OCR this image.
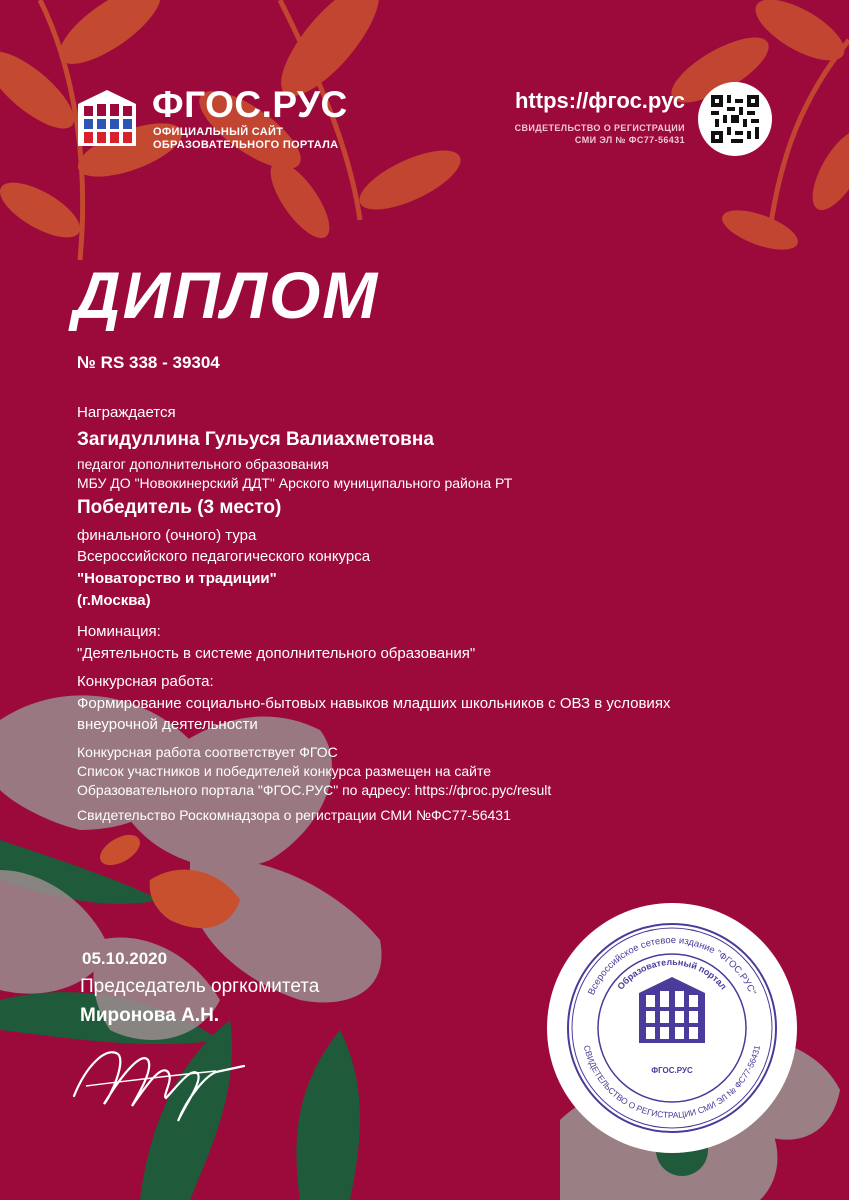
ФГОС.РУС
ОФИЦИАЛЬНЫЙ САЙТ
ОБРАЗОВАТЕЛЬНОГО ПОРТАЛА
https://фгос.рус
СВИДЕТЕЛЬСТВО О РЕГИСТРАЦИИ
СМИ ЭЛ № ФС77-56431
ДИПЛОМ
№ RS 338 - 39304
Награждается
Загидуллина Гульуся Валиахметовна
педагог дополнительного образования
МБУ ДО "Новокинерский ДДТ" Арского муниципального района РТ
Победитель (3 место)
финального (очного) тура
Всероссийского педагогического конкурса
"Новаторство и традиции"
(г.Москва)
Номинация:
"Деятельность в системе дополнительного образования"
Конкурсная работа:
Формирование социально-бытовых навыков младших школьников с ОВЗ в условиях
внеурочной деятельности
Конкурсная работа соответствует ФГОС
Список участников и победителей конкурса размещен на сайте
Образовательного портала "ФГОС.РУС" по адресу: https://фгос.рус/result
Свидетельство Роскомнадзора о регистрации СМИ №ФС77-56431
05.10.2020
Председатель оргкомитета
Миронова А.Н.
Всероссийское сетевое издание "ФГОС.РУС"
Образовательный портал
СВИДЕТЕЛЬСТВО О РЕГИСТРАЦИИ СМИ ЭЛ № ФС77-56431
ФГОС.РУС
